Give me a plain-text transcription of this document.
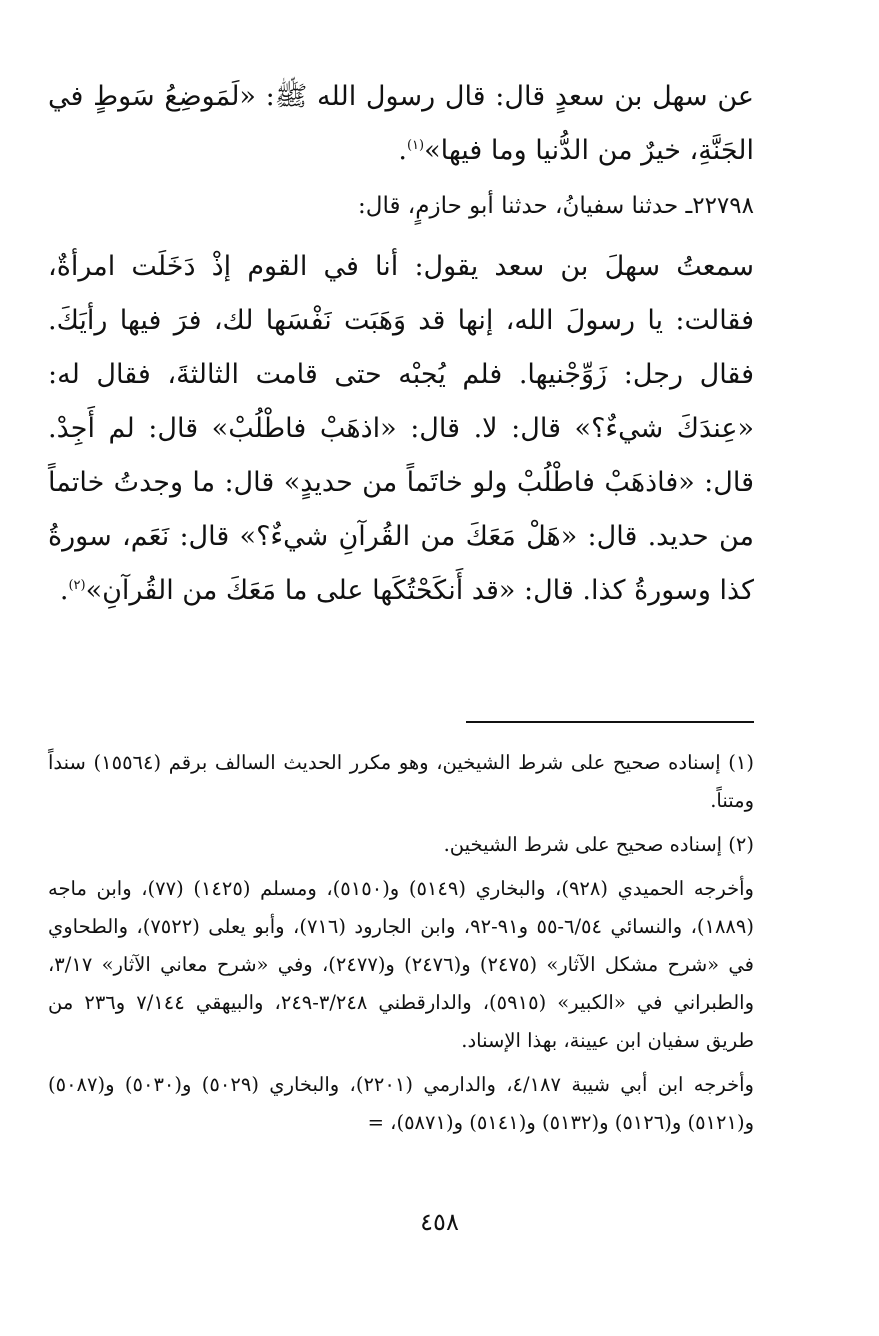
عن سهل بن سعدٍ قال: قال رسول الله ﷺ: «لَمَوضِعُ سَوطٍ في الجَنَّةِ، خيرٌ من الدُّنيا وما فيها»$^{(١)}$.

٢٢٧٩٨ـ حدثنا سفيانُ، حدثنا أبو حازمٍ، قال:

سمعتُ سهلَ بن سعد يقول: أنا في القوم إذْ دَخَلَت امرأةٌ، فقالت: يا رسولَ الله، إنها قد وَهَبَت نَفْسَها لك، فرَ فيها رأيَكَ. فقال رجل: زَوِّجْنيها. فلم يُجبْه حتى قامت الثالثةَ، فقال له: «عِندَكَ شيءٌ؟» قال: لا. قال: «اذهَبْ فاطْلُبْ» قال: لم أَجِدْ. قال: «فاذهَبْ فاطْلُبْ ولو خاتَماً من حديدٍ» قال: ما وجدتُ خاتماً من حديد. قال: «هَلْ مَعَكَ من القُرآنِ شيءٌ؟» قال: نَعَم، سورةُ كذا وسورةُ كذا. قال: «قد أَنكَحْتُكَها على ما مَعَكَ من القُرآنِ»$^{(٢)}$.

(١) إسناده صحيح على شرط الشيخين، وهو مكرر الحديث السالف برقم (١٥٥٦٤) سنداً ومتناً.

(٢) إسناده صحيح على شرط الشيخين.

وأخرجه الحميدي (٩٢٨)، والبخاري (٥١٤٩) و(٥١٥٠)، ومسلم (١٤٢٥) (٧٧)، وابن ماجه (١٨٨٩)، والنسائي ٦/٥٤-٥٥ و٩١-٩٢، وابن الجارود (٧١٦)، وأبو يعلى (٧٥٢٢)، والطحاوي في «شرح مشكل الآثار» (٢٤٧٥) و(٢٤٧٦) و(٢٤٧٧)، وفي «شرح معاني الآثار» ٣/١٧، والطبراني في «الكبير» (٥٩١٥)، والدارقطني ٣/٢٤٨-٢٤٩، والبيهقي ٧/١٤٤ و٢٣٦ من طريق سفيان ابن عيينة، بهذا الإسناد.

وأخرجه ابن أبي شيبة ٤/١٨٧، والدارمي (٢٢٠١)، والبخاري (٥٠٢٩) و(٥٠٣٠) و(٥٠٨٧) و(٥١٢١) و(٥١٢٦) و(٥١٣٢) و(٥١٤١) و(٥٨٧١)، =

٤٥٨
